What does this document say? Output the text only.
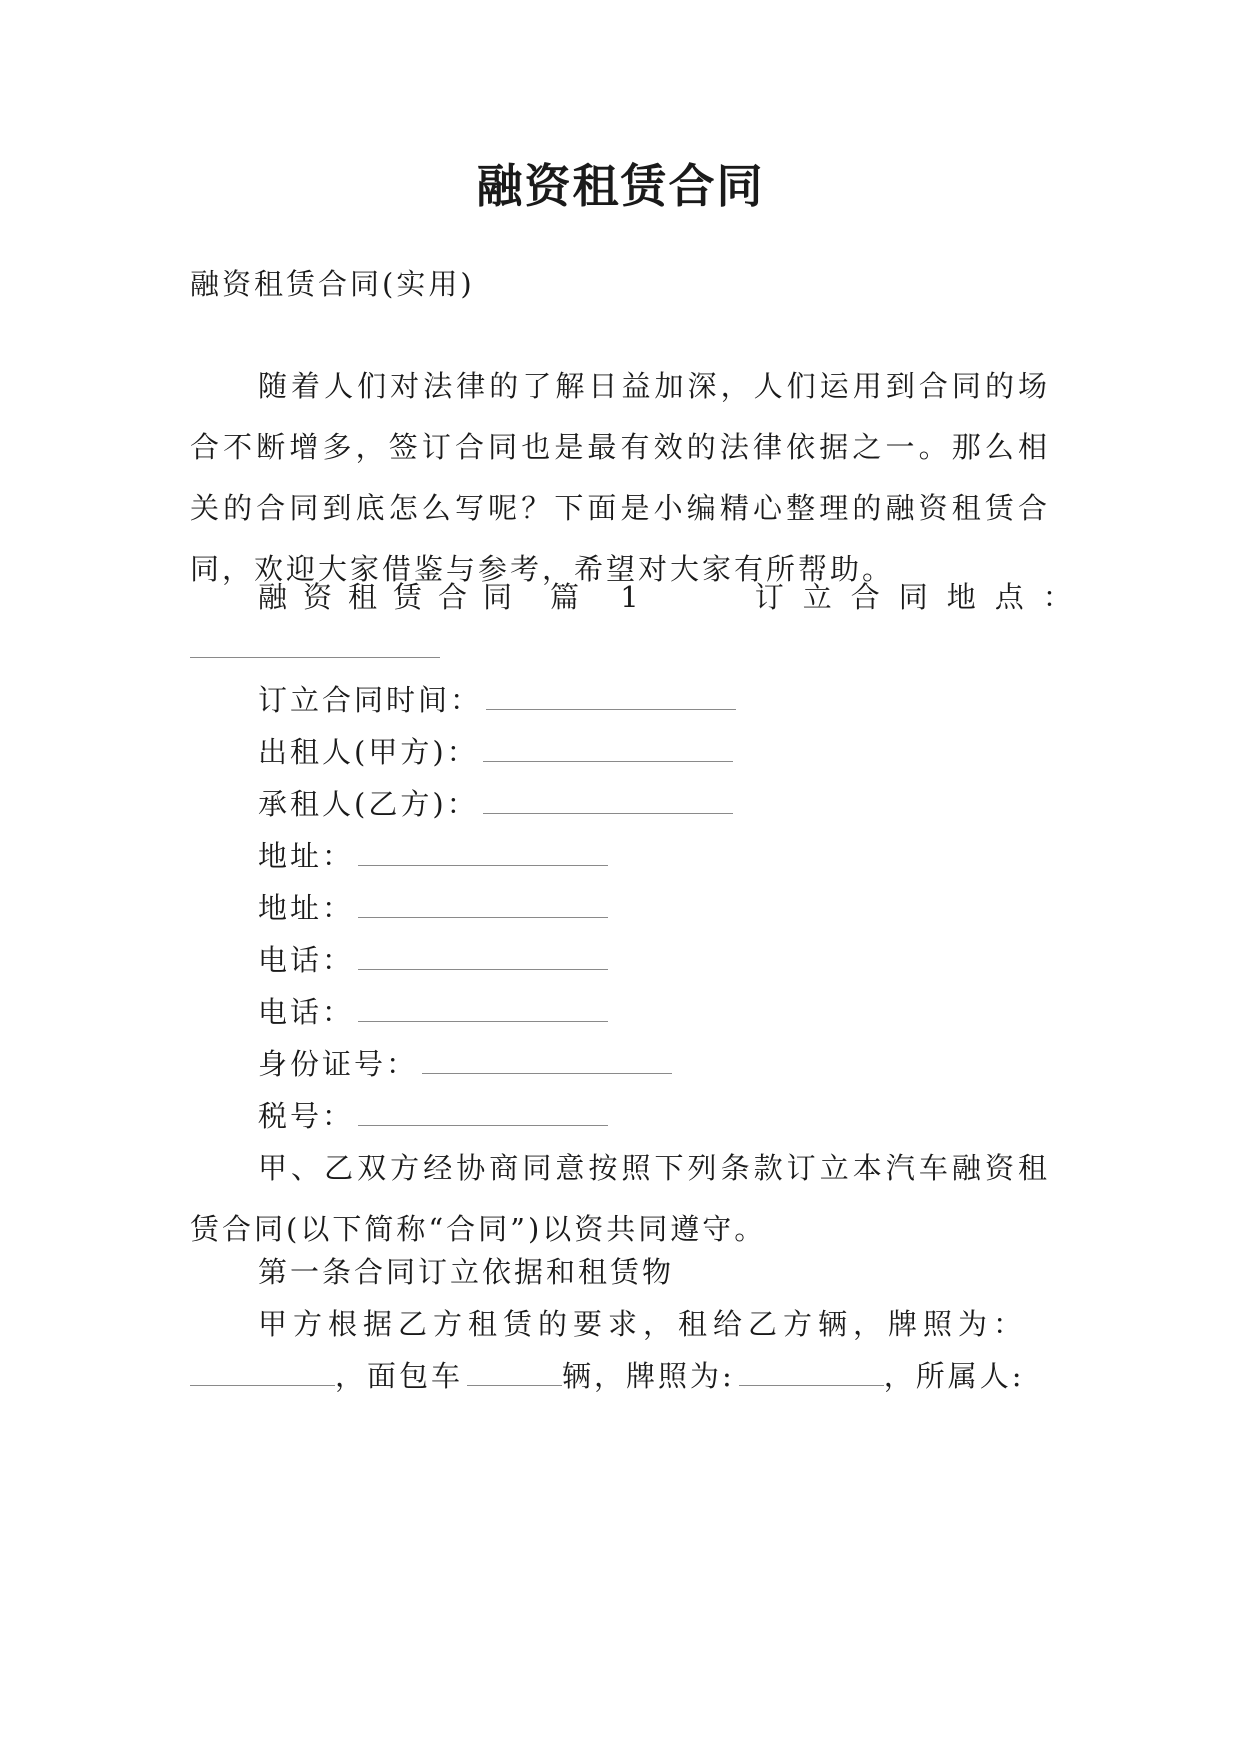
融资租赁合同
融资租赁合同(实用)
随着人们对法律的了解日益加深，人们运用到合同的场合不断增多，签订合同也是最有效的法律依据之一。那么相关的合同到底怎么写呢？下面是小编精心整理的融资租赁合同，欢迎大家借鉴与参考，希望对大家有所帮助。
融资租赁合同 篇 1	订立合同地点：
订立合同时间：
出租人(甲方)：
承租人(乙方)：
地址：
地址：
电话：
电话：
身份证号：
税号：
甲、乙双方经协商同意按照下列条款订立本汽车融资租赁合同(以下简称“合同”)以资共同遵守。
第一条合同订立依据和租赁物
甲方根据乙方租赁的要求，租给乙方辆，牌照为：
，面包车	辆，牌照为:	，所属人:
